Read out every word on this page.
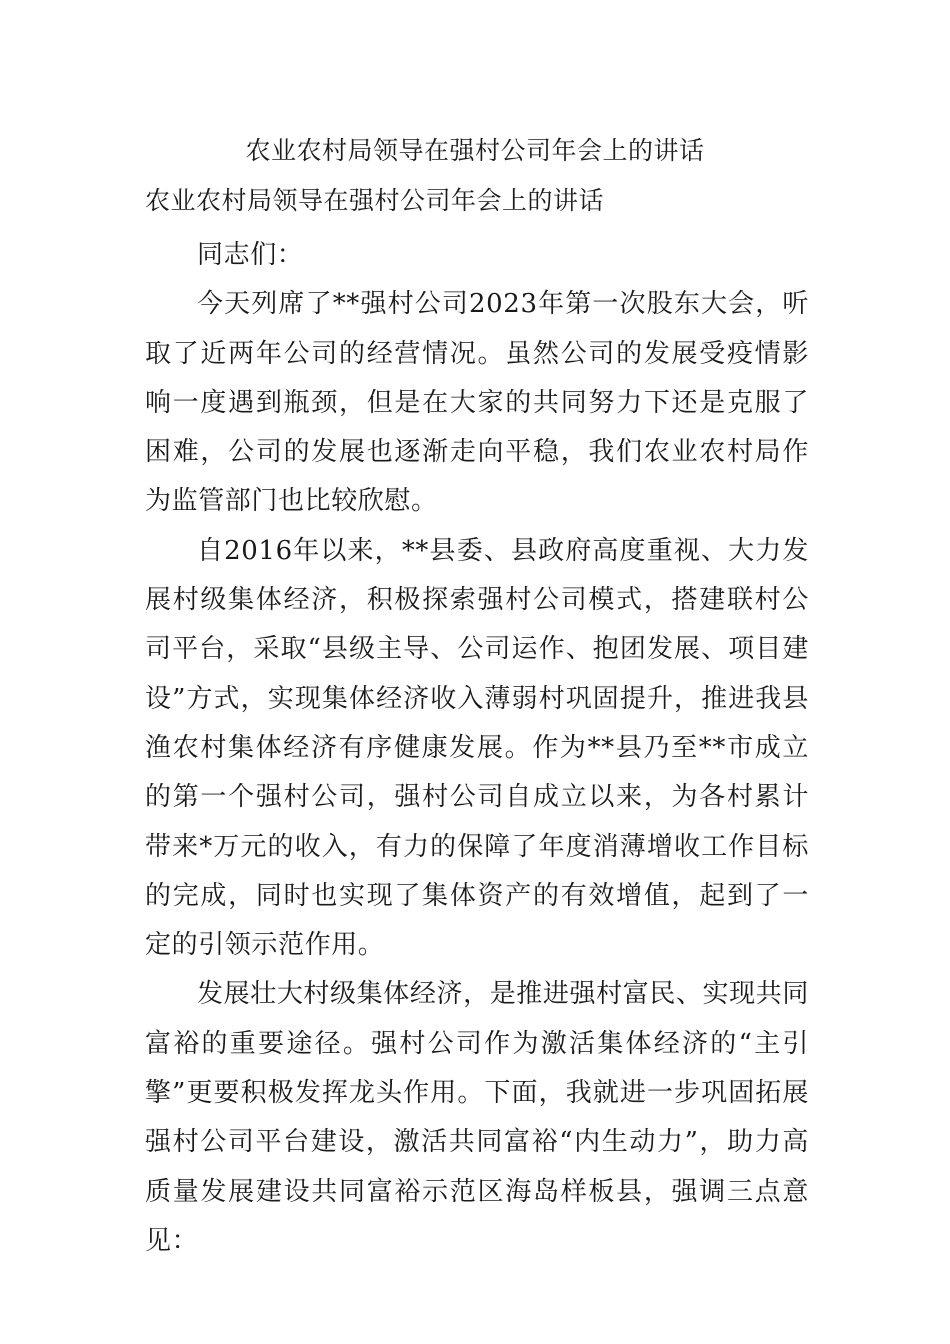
农业农村局领导在强村公司年会上的讲话
农业农村局领导在强村公司年会上的讲话

同志们：

今天列席了**强村公司2023年第一次股东大会，听取了近两年公司的经营情况。虽然公司的发展受疫情影响一度遇到瓶颈，但是在大家的共同努力下还是克服了困难，公司的发展也逐渐走向平稳，我们农业农村局作为监管部门也比较欣慰。

自2016年以来，**县委、县政府高度重视、大力发展村级集体经济，积极探索强村公司模式，搭建联村公司平台，采取“县级主导、公司运作、抱团发展、项目建设”方式，实现集体经济收入薄弱村巩固提升，推进我县渔农村集体经济有序健康发展。作为**县乃至**市成立的第一个强村公司，强村公司自成立以来，为各村累计带来*万元的收入，有力的保障了年度消薄增收工作目标的完成，同时也实现了集体资产的有效增值，起到了一定的引领示范作用。

发展壮大村级集体经济，是推进强村富民、实现共同富裕的重要途径。强村公司作为激活集体经济的“主引擎”更要积极发挥龙头作用。下面，我就进一步巩固拓展强村公司平台建设，激活共同富裕“内生动力”，助力高质量发展建设共同富裕示范区海岛样板县，强调三点意见：
